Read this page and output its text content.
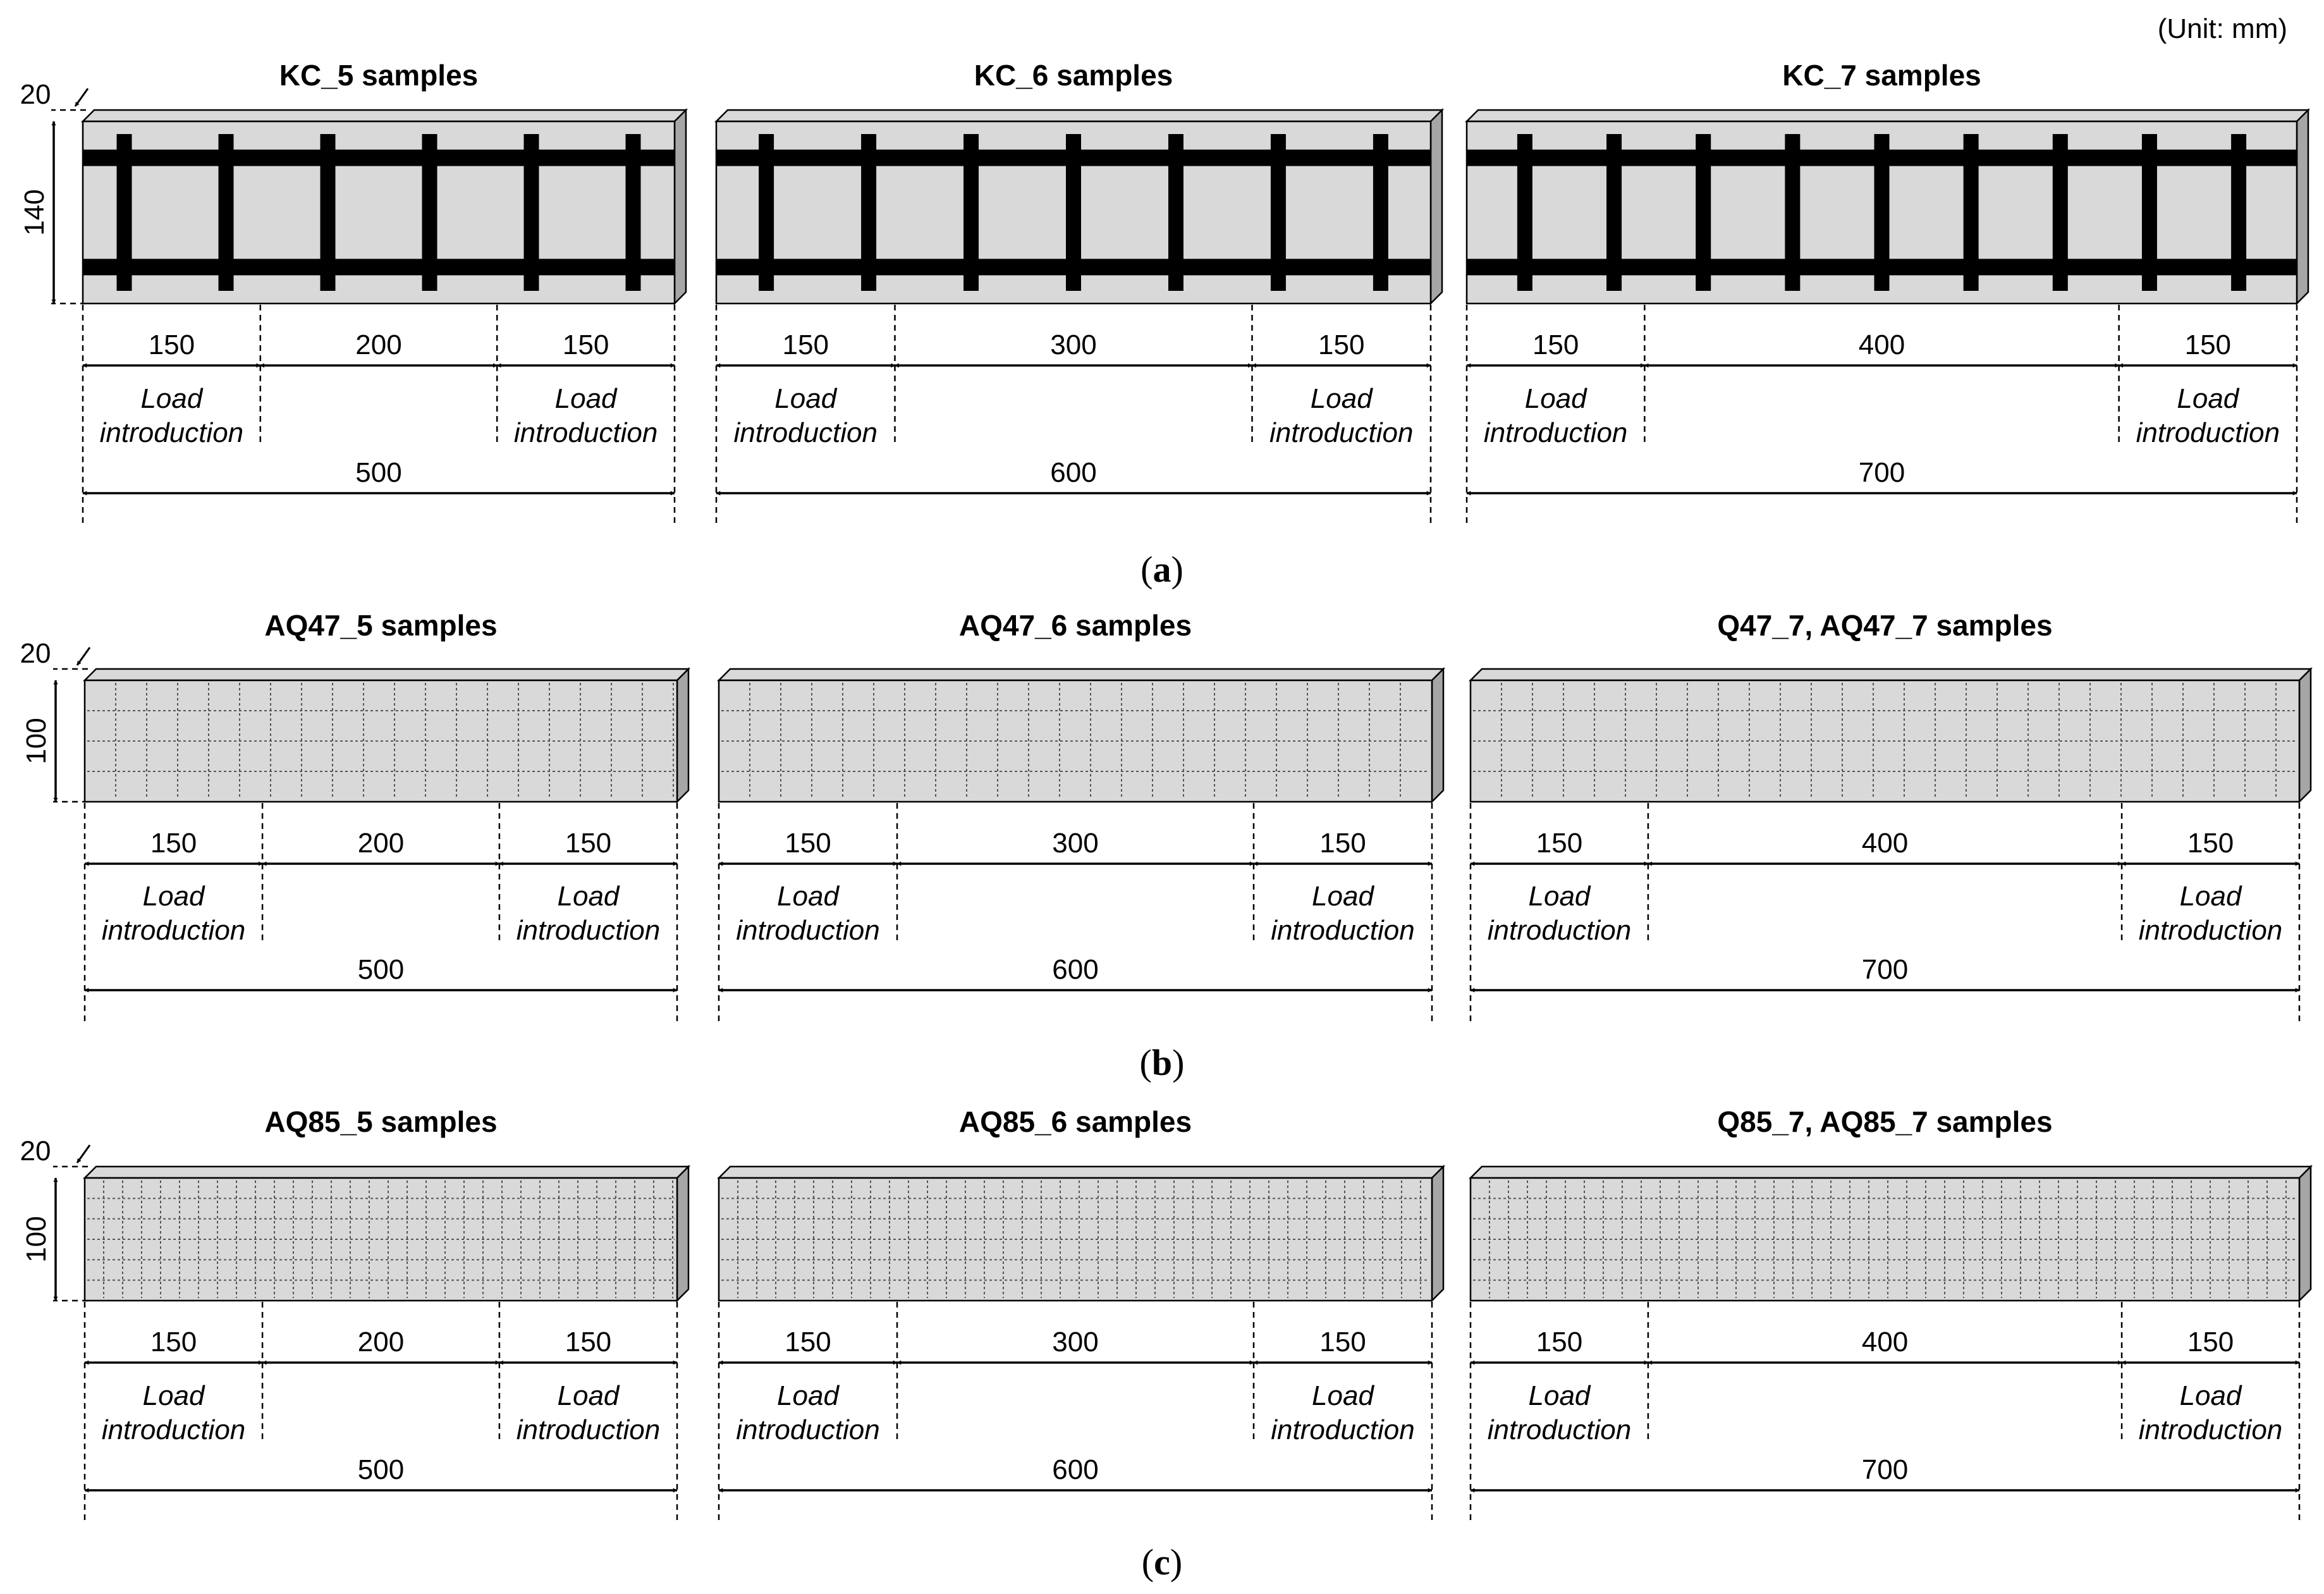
(Unit: mm)
20
140
KC_5 samples
150	200	150
Load
introduction
Load
introduction
500
KC_6 samples
150	300	150
Load
introduction
Load
introduction
600
KC_7 samples
150	400	150
Load
introduction
Load
introduction
700
(a)
20
100
AQ47_5 samples
150	200	150
Load
introduction
Load
introduction
500
AQ47_6 samples
150	300	150
Load
introduction
Load
introduction
600
Q47_7, AQ47_7 samples
150	400	150
Load
introduction
Load
introduction
700
(b)
20
100
AQ85_5 samples
150	200	150
Load
introduction
Load
introduction
500
AQ85_6 samples
150	300	150
Load
introduction
Load
introduction
600
Q85_7, AQ85_7 samples
150	400	150
Load
introduction
Load
introduction
700
(c)
